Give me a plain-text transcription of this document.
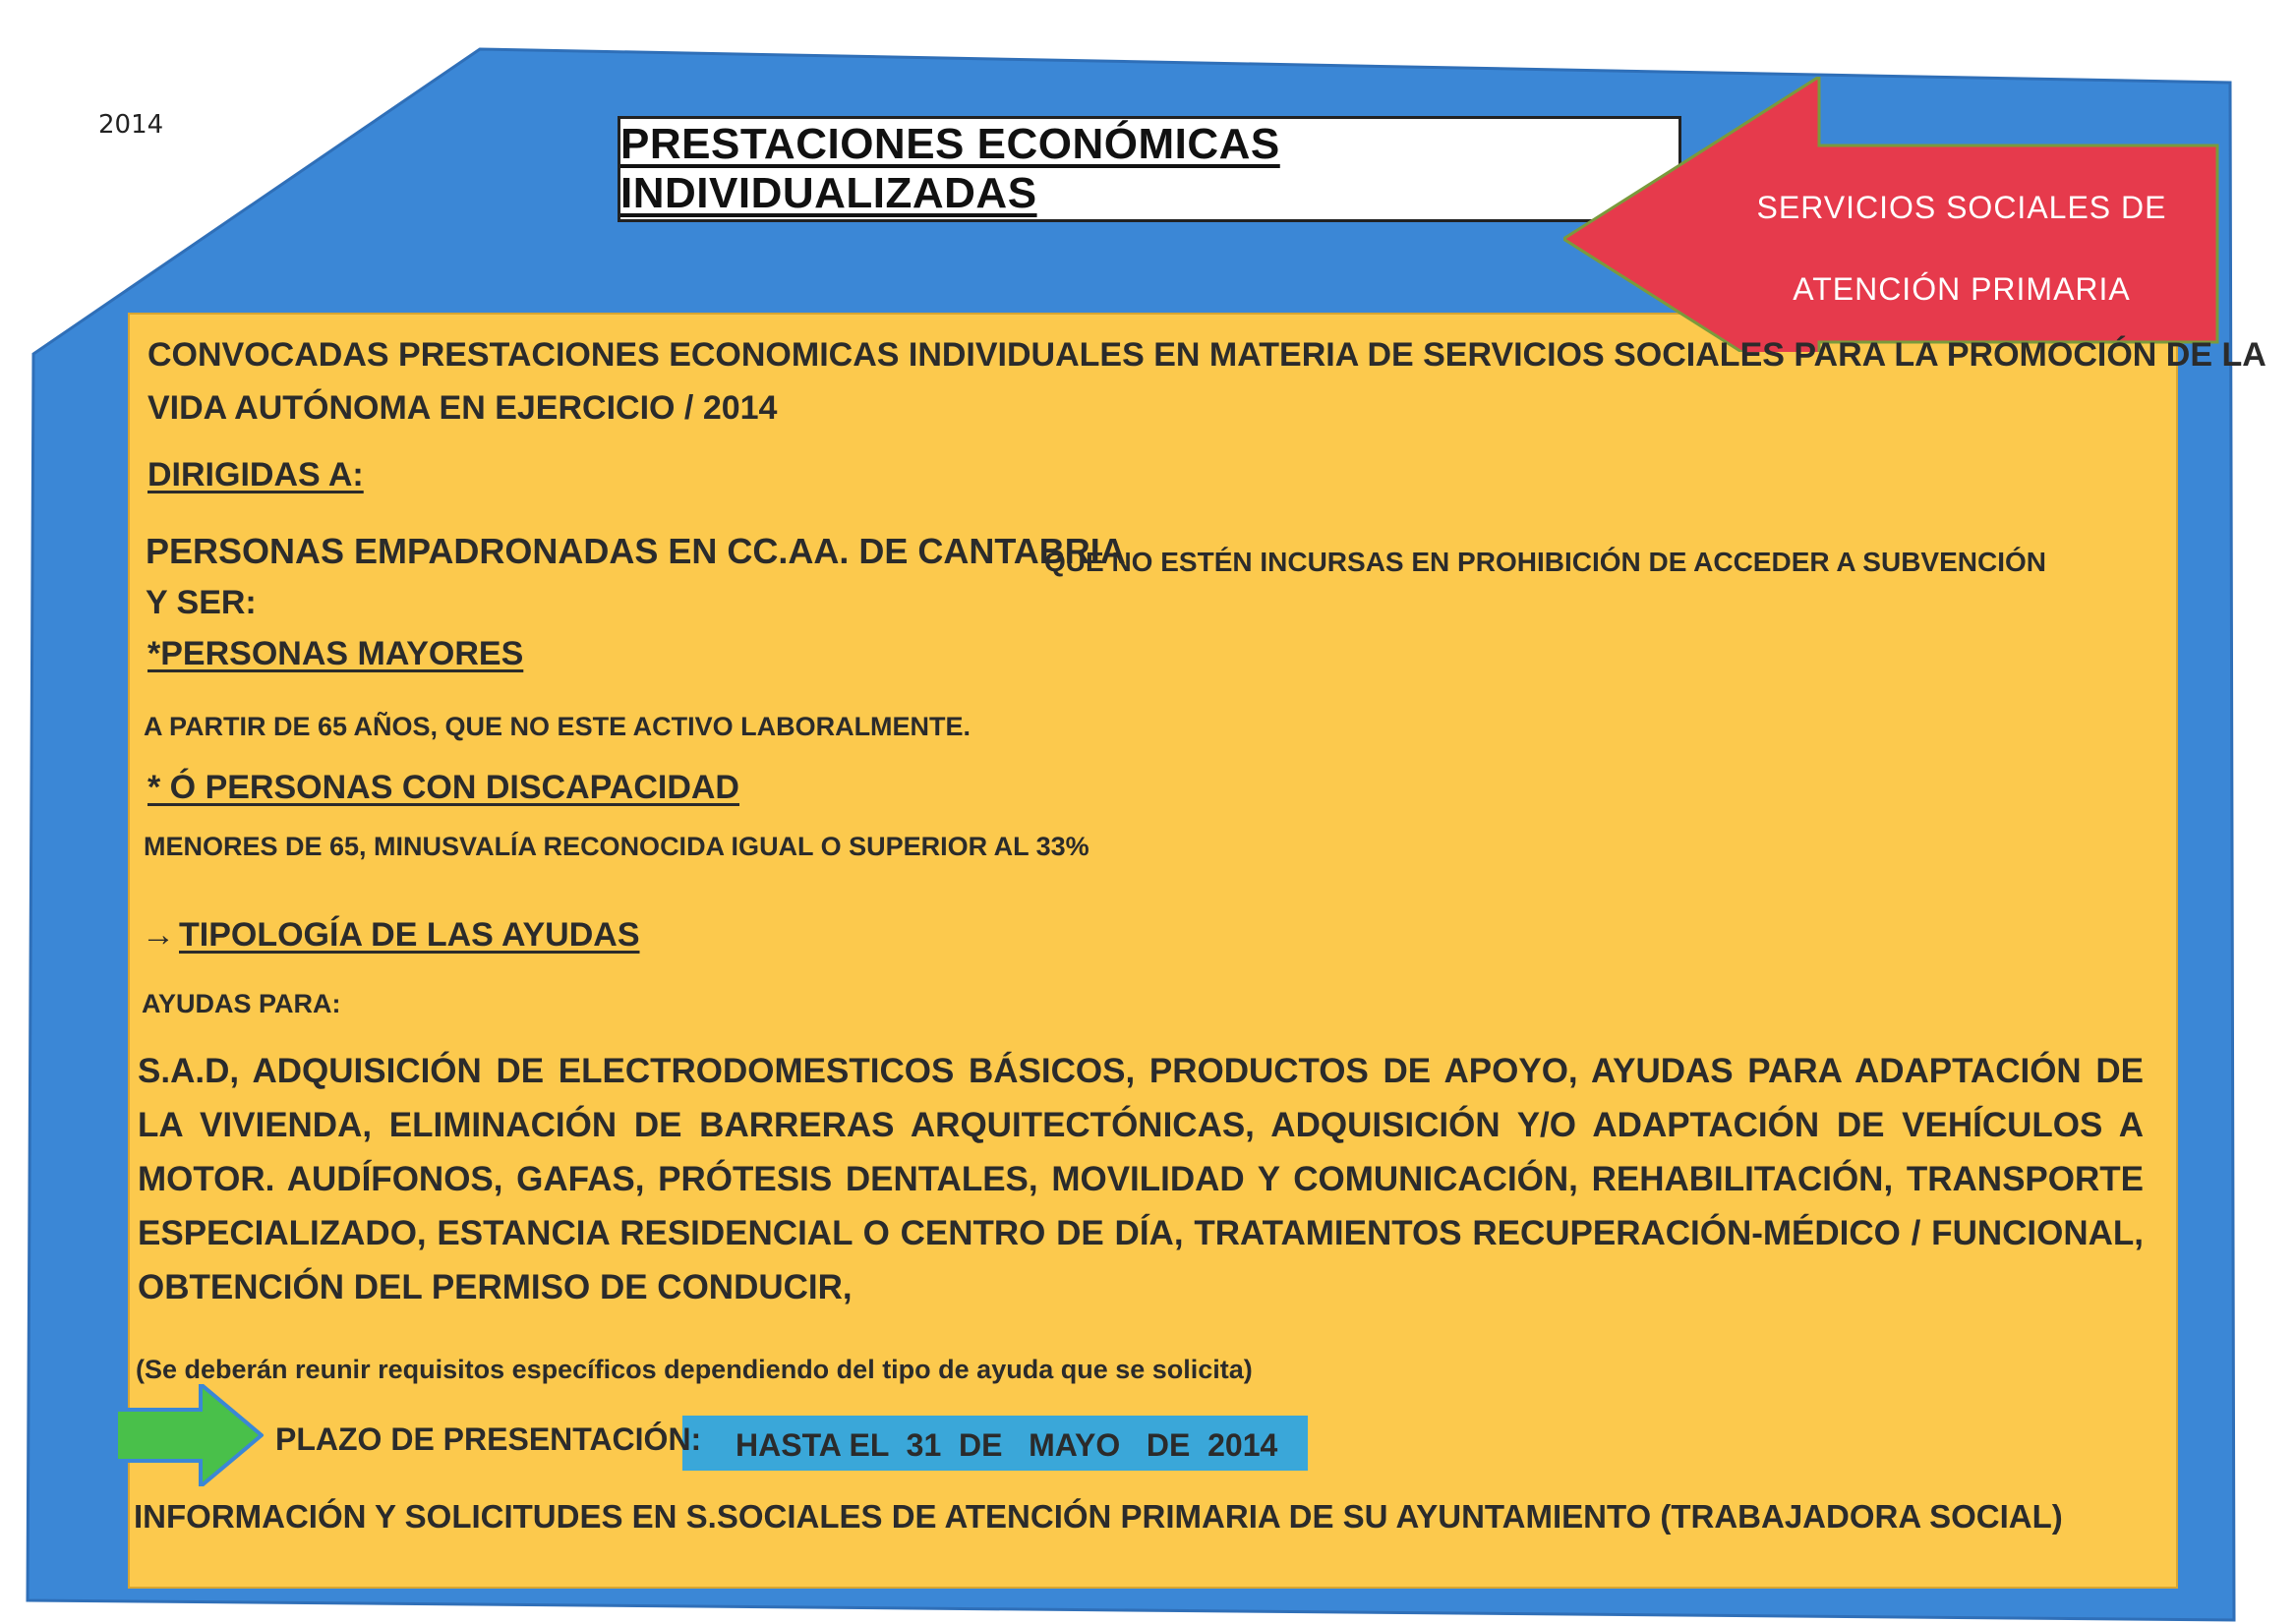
2014	PRESTACIONES ECONÓMICAS INDIVIDUALIZADAS	SERVICIOS SOCIALES DE
ATENCIÓN PRIMARIA
CONVOCADAS PRESTACIONES ECONOMICAS INDIVIDUALES EN MATERIA DE SERVICIOS SOCIALES PARA LA PROMOCIÓN DE LA
VIDA AUTÓNOMA EN EJERCICIO / 2014
DIRIGIDAS A:
PERSONAS EMPADRONADAS EN CC.AA. DE CANTABRIA
QUE NO ESTÉN INCURSAS EN PROHIBICIÓN DE ACCEDER A SUBVENCIÓN
Y SER:
*PERSONAS MAYORES
A PARTIR DE 65 AÑOS, QUE NO ESTE ACTIVO LABORALMENTE.
* Ó PERSONAS CON DISCAPACIDAD
MENORES DE 65, MINUSVALÍA RECONOCIDA IGUAL O SUPERIOR AL 33%
→ TIPOLOGÍA DE LAS AYUDAS
AYUDAS PARA:
S.A.D, ADQUISICIÓN DE ELECTRODOMESTICOS BÁSICOS, PRODUCTOS DE APOYO, AYUDAS PARA ADAPTACIÓN DE LA VIVIENDA, ELIMINACIÓN DE BARRERAS ARQUITECTÓNICAS, ADQUISICIÓN Y/O ADAPTACIÓN DE VEHÍCULOS A MOTOR. AUDÍFONOS, GAFAS, PRÓTESIS DENTALES, MOVILIDAD Y COMUNICACIÓN, REHABILITACIÓN, TRANSPORTE ESPECIALIZADO, ESTANCIA RESIDENCIAL O CENTRO DE DÍA, TRATAMIENTOS RECUPERACIÓN-MÉDICO / FUNCIONAL, OBTENCIÓN DEL PERMISO DE CONDUCIR,
(Se deberán reunir requisitos específicos dependiendo del tipo de ayuda que se solicita)
PLAZO DE PRESENTACIÓN: HASTA EL  31  DE   MAYO   DE  2014
INFORMACIÓN Y SOLICITUDES EN S.SOCIALES DE ATENCIÓN PRIMARIA DE SU AYUNTAMIENTO (TRABAJADORA SOCIAL)
